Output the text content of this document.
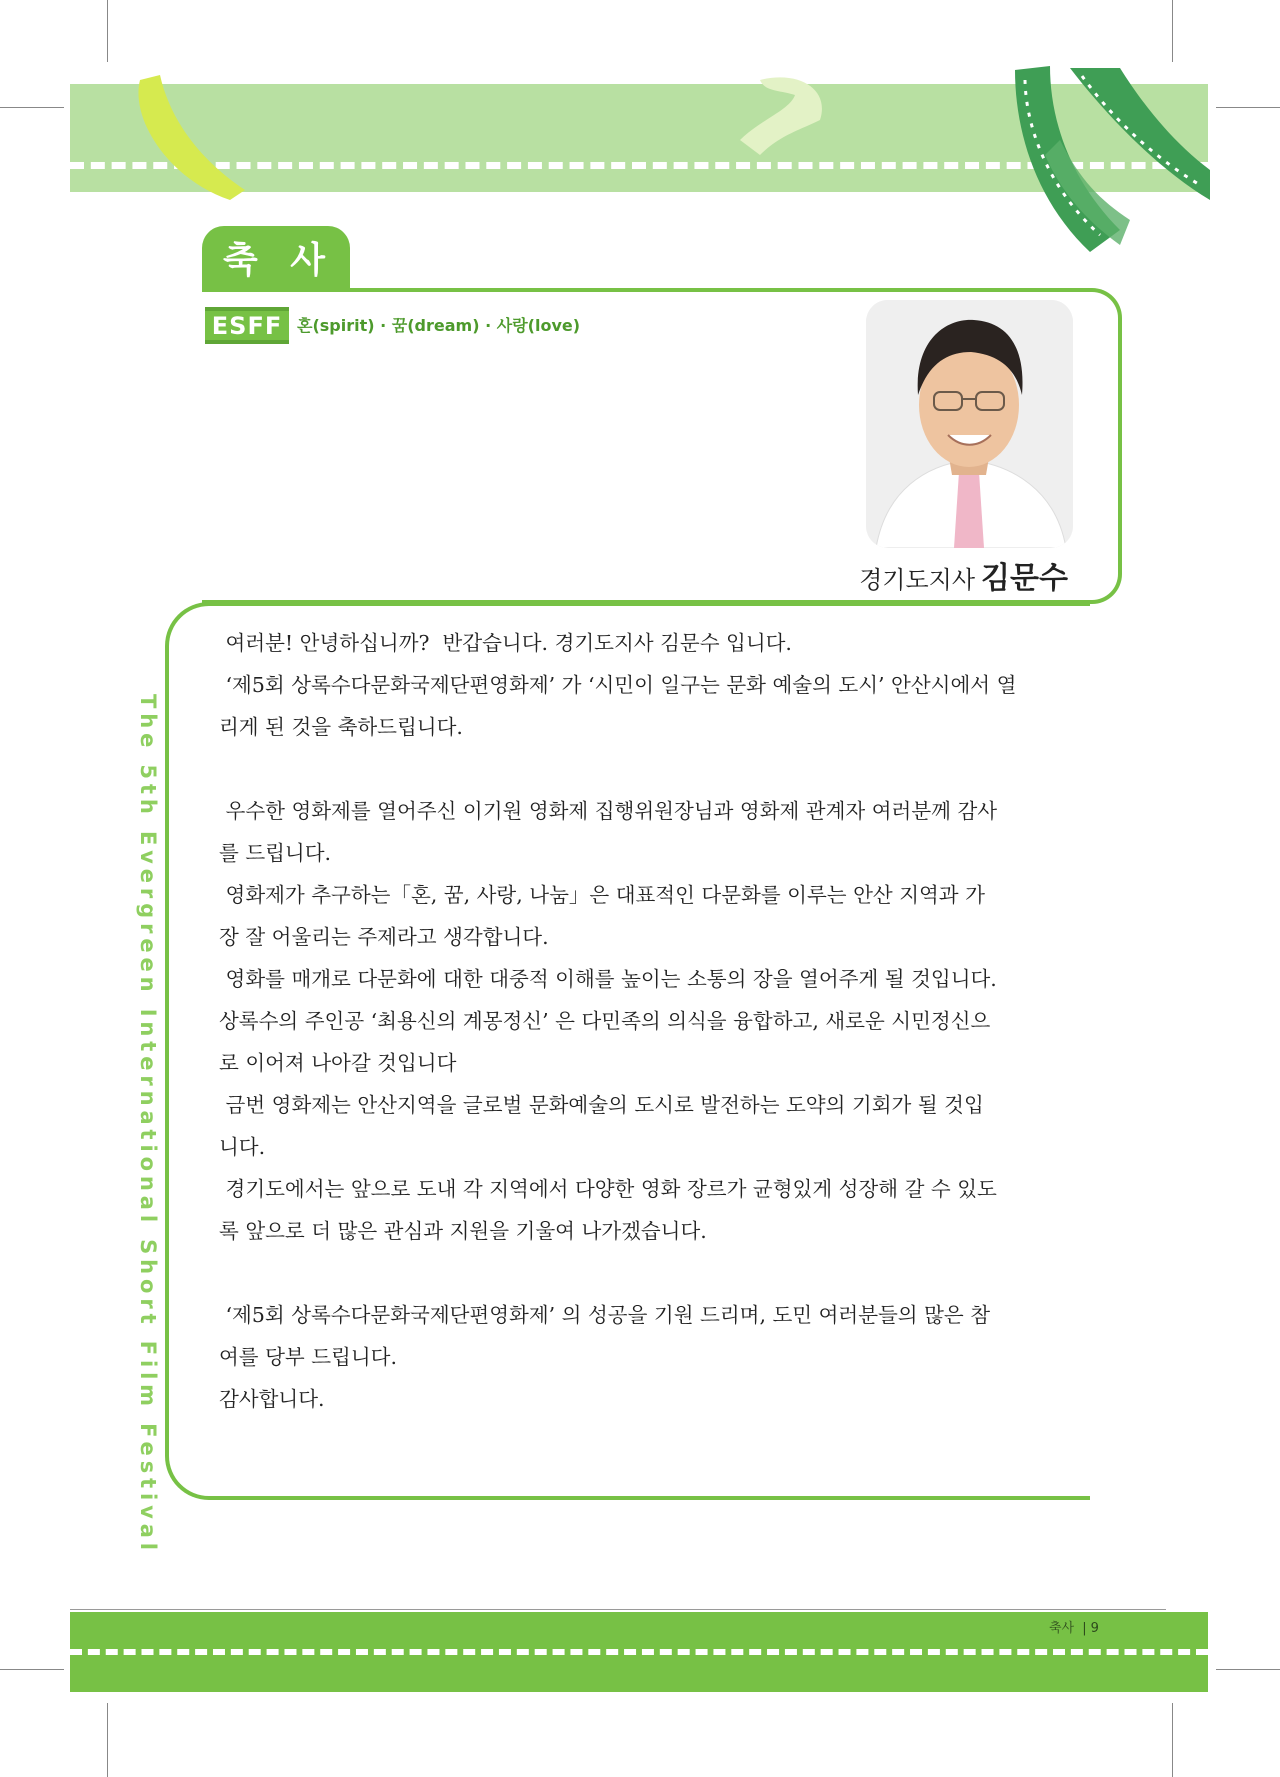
축 사
ESFF 혼(spirit) · 꿈(dream) · 사랑(love)
경기도지사 김문수

여러분! 안녕하십니까?  반갑습니다. 경기도지사 김문수 입니다.

‘제5회 상록수다문화국제단편영화제’ 가 ‘시민이 일구는 문화 예술의 도시’ 안산시에서 열

리게 된 것을 축하드립니다.

우수한 영화제를 열어주신 이기원 영화제 집행위원장님과 영화제 관계자 여러분께 감사

를 드립니다.

영화제가 추구하는「혼, 꿈, 사랑, 나눔」은 대표적인 다문화를 이루는 안산 지역과 가

장 잘 어울리는 주제라고 생각합니다.

영화를 매개로 다문화에 대한 대중적 이해를 높이는 소통의 장을 열어주게 될 것입니다.

상록수의 주인공 ‘최용신의 계몽정신’ 은 다민족의 의식을 융합하고, 새로운 시민정신으

로 이어져 나아갈 것입니다

금번 영화제는 안산지역을 글로벌 문화예술의 도시로 발전하는 도약의 기회가 될 것입

니다.

경기도에서는 앞으로 도내 각 지역에서 다양한 영화 장르가 균형있게 성장해 갈 수 있도

록 앞으로 더 많은 관심과 지원을 기울여 나가겠습니다.

‘제5회 상록수다문화국제단편영화제’ 의 성공을 기원 드리며, 도민 여러분들의 많은 참

여를 당부 드립니다.

감사합니다.

The 5th Evergreen International Short Film Festival
축사 | 9
